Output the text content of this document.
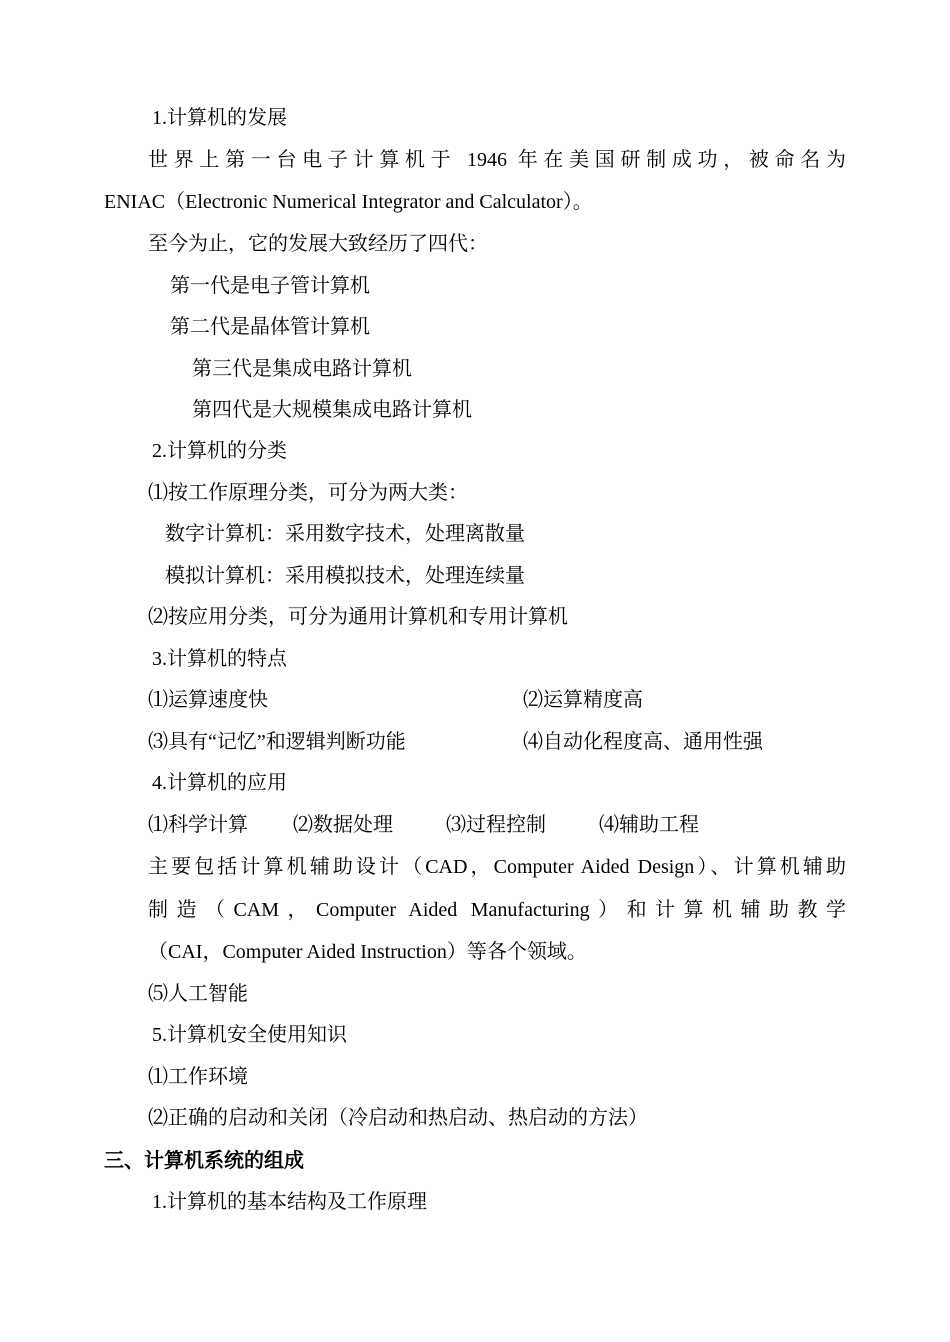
1.计算机的发展
世界上第一台电子计算机于 1946 年在美国研制成功，被命名为
ENIAC（Electronic Numerical Integrator and Calculator）。
至今为止，它的发展大致经历了四代：
第一代是电子管计算机
第二代是晶体管计算机
第三代是集成电路计算机
第四代是大规模集成电路计算机
2.计算机的分类
⑴按工作原理分类，可分为两大类：
数字计算机：采用数字技术，处理离散量
模拟计算机：采用模拟技术，处理连续量
⑵按应用分类，可分为通用计算机和专用计算机
3.计算机的特点
⑴运算速度快	⑵运算精度高
⑶具有“记忆”和逻辑判断功能	⑷自动化程度高、通用性强
4.计算机的应用
⑴科学计算 ⑵数据处理	⑶过程控制	⑷辅助工程
主要包括计算机辅助设计（CAD，Computer Aided Design）、计算机辅助
制造（CAM，Computer Aided Manufacturing）和计算机辅助教学
（CAI，Computer Aided Instruction）等各个领域。
⑸人工智能
5.计算机安全使用知识
⑴工作环境
⑵正确的启动和关闭（冷启动和热启动、热启动的方法）
三、计算机系统的组成
1.计算机的基本结构及工作原理
